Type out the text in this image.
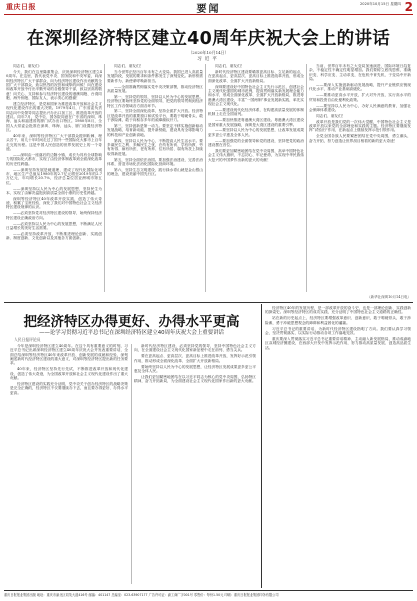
重庆日报	要闻	2020年10月15日 星期四 2
在深圳经济特区建立40周年庆祝大会上的讲话
（2020年10月14日）
习近平

同志们，朋友们：

今天，我们在这里隆重集会，庆祝深圳经济特区建立40周年。在这里，我代表党中央、国务院和中央军委，向深圳经济特区广大干部群众，向为经济特区建设作出贡献的全国广大干部群众，致以热烈的祝贺和诚挚的问候！向在建设和改革开放中付出辛勤劳动的各级领导干部，致以崇高的敬意！向关心、支持和参与经济特区建设的港澳同胞、台湾同胞、海外侨胞、国际友人，表示衷心的感谢！

建立经济特区，是党和国家为推进改革开放和社会主义现代化建设作出的重大决策。1979年4月，广东省委负责同志向中央领导同志提出兴办出口加工区、推进改革开放的建议。同年7月，党中央、国务院同意在广东省的深圳、珠海、汕头和福建省的厦门试办出口特区。1980年8月，全国人大常委会批准在深圳、珠海、汕头、厦门设置经济特区。

40年来，深圳等经济特区广大干部群众披荆斩棘、埋头苦干，用几十年时间走过了国外一些国际化大都市上百年走完的历程。这是中国人民创造的世界发展史上的一个奇迹。

——深圳由一座落后的边陲小镇，成长为具有全球影响力的国际化大都市，实现了由经济体制改革到全面深化改革的历史性跨越。

——深圳坚持发展是硬道理，建成了现代化国际化城市，地区生产总值从1980年的2.7亿元增至2019年的2.7万亿元，年均增长20.7%，经济总量位居亚洲城市第五位。

——深圳坚持以人民为中心的发展思想，坚持民生为本，实现了由解决温饱到高质量全面小康的历史性跨越。

深圳等经济特区40年改革开放实践，创造了伟大奇迹，积累了宝贵经验，深化了我们对中国特色社会主义经济特区建设规律的认识。

——必须坚持党对经济特区建设的领导，始终保持经济特区建设正确政治方向。

——必须坚持以人民为中心的发展思想，不断满足人民日益增长的美好生活需要。

——必须坚持改革开放，不断推进理论创新、实践创新、制度创新、文化创新以及其他各方面创新。

同志们、朋友们！

当今世界正经历百年未有之大变局。我国已进入高质量发展阶段，发展的要求和条件都发生了深刻变化。新形势需要新作为，新使命呼唤新担当。

——全面准确贯彻落实党中央决策部署，推动经济特区高质量发展。

第一，坚持党的领导，坚持以人民为中心的发展思想。经济特区要始终坚持党的全面领导，把党的领导贯彻到经济特区工作各领域各方面各环节。

第二，坚持全面深化改革，坚持全面扩大开放。经济特区是改革开放的重要窗口和试验平台，要敢于啃硬骨头，敢于涉险滩，敢于向积存多年的顽瘴痼疾开刀。

第三，坚持创新是第一动力。要坚定不移实施创新驱动发展战略，培育新动能，提升新势能，建设具有全球影响力的科技和产业创新高地。

第四，坚持以人民为中心，不断提高人民生活水平。要多谋民生之利、多解民生之忧，在幼有所育、学有所教、劳有所得、病有所医、老有所养、住有所居、弱有所扶上持续取得新进展。

第五，坚持全面依法治国。要加强法治建设，完善法治体系，营造市场化法治化国际化营商环境。

第六，坚持生态文明建设，践行绿水青山就是金山银山的理念，建设美丽中国先行区。

同志们、朋友们！

新时代经济特区建设要瞄准更高目标、立足新的起点，在更高起点、更高层次、更高目标上推进改革开放，形成全面深化改革、全面扩大开放新格局。

深圳要建设好中国特色社会主义先行示范区，创建社会主义现代化强国的城市范例，提高贯彻落实新发展理念能力和水平，形成全面深化改革、全面扩大开放新格局，推进粤港澳大湾区建设，丰富“一国两制”事业发展新实践，率先实现社会主义现代化。

——要建设现代化经济体系，在构建高质量发展的体制机制上走在全国前列。

——要加快推进粤港澳大湾区建设。粤港澳大湾区建设是国家重大发展战略，深圳是大湾区建设的重要引擎。

——要坚持以人民为中心的发展思想，让改革发展成果更多更公平惠及全体人民。

——要加强党的全面领导和党的建设，坚持把党的政治建设摆在首位。

我们要更加紧密地团结在党中央周围，高举中国特色社会主义伟大旗帜，不忘初心、牢记使命，为实现中华民族伟大复兴的中国梦作出新的更大的贡献！

当前，世界百年未有之大变局加速演进，国际环境日趋复杂，不稳定性不确定性明显增加。我们要树立底线思维，准确识变、科学应变、主动求变，在危机中育先机、于变局中开新局。

——要深入实施创新驱动发展战略，提升产业链供应链现代化水平，推动产业基础高级化。

——要推动更高水平开放，扩大对外开放，实行高水平的贸易和投资自由化便利化政策。

——要坚持以人民为中心，办好人民满意的教育，加强社会保障体系建设。

同志们、朋友们！

改革开放是我们党的一次伟大觉醒，中国特色社会主义是改革开放以来党的全部理论和实践的主题。经济特区要继续发挥“试验田”作用，在新起点上继续发挥示范引领作用。

全党全国各族人民要紧密团结在党中央周围，勇立潮头，奋力开拓，努力创造让世界刮目相看的新的更大奇迹！

（新华社深圳10月14日电）
把经济特区办得更好、办得水平更高
——论学习贯彻习近平总书记在深圳经济特区建立40周年庆祝大会上重要讲话
人民日报评论员

今年是深圳经济特区建立40周年。在这个具有重要意义的时刻，习近平总书记出席深圳经济特区建立40周年庆祝大会并发表重要讲话，全面总结深圳等经济特区40年来改革开放、创新发展的成就和经验，深刻阐述新时代经济特区建设的重大意义，对深圳等经济特区提出新的任务要求。

40年来，经济特区坚持先行先试，不断推进改革开放和现代化建设，创造了伟大奇迹，为全国改革开放和社会主义现代化建设作出了重大贡献。

经济特区建设的实践充分证明，党中央关于创办经济特区的战略决策是完全正确的，经济特区不仅要继续办下去，而且要办得更好、办得水平更高。

新时代经济特区建设，必须坚持党的领导，坚持中国特色社会主义方向，在全面建设社会主义现代化国家新征程中走在前列、勇当尖兵。

要在更高起点、更高层次、更高目标上推进改革开放，发挥好示范引领作用，推动形成全面深化改革、全面扩大开放新格局。

要始终坚持以人民为中心的发展思想，让经济特区发展成果更多更公平惠及全体人民。

让我们更加紧密地团结在以习近平同志为核心的党中央周围，弘扬特区精神，奋力开拓新局，为全面建设社会主义现代化国家作出新的更大贡献。

经济特区40年的发展历程，是一部改革开放的奋斗史，也是一部理论创新、实践创新的探索史。深圳等经济特区的成功实践，充分证明了中国特色社会主义道路的正确性。

站在新的历史起点上，经济特区要增强改革意识、创新意识，敢于啃硬骨头，敢于涉险滩，勇于冲破思想观念的障碍和利益固化的藩篱。

习近平总书记的重要讲话，为新时代经济特区建设指明了方向。我们要认真学习领会，坚决贯彻落实，以实际行动推动各项工作落地见效。

重庆要深入贯彻落实习近平总书记重要讲话精神，主动融入新发展格局，推动成渝地区双城经济圈建设，在西部大开发中发挥示范作用，努力推动高质量发展、创造高品质生活。

重庆日报报业集团出版 地址：重庆市渝北区同茂大道416号 邮编：401147 总编室：023-63907177 广告许可证：渝工商广字001号 零售价：每份1.50元 印刷：重庆日报报业集团印务有限公司
